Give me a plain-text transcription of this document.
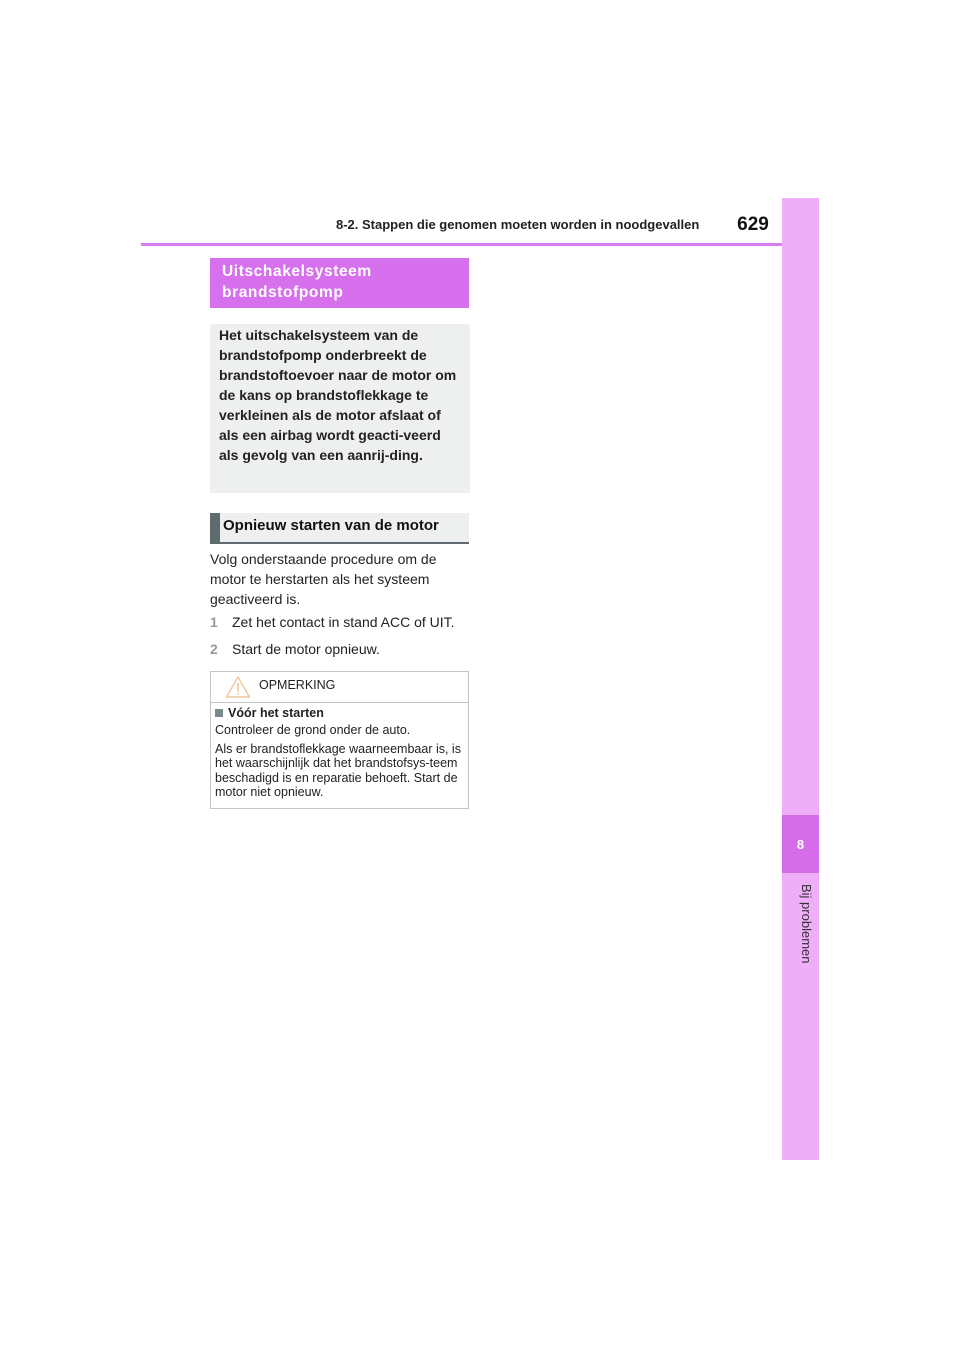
8-2. Stappen die genomen moeten worden in noodgevallen	629
8
Bij problemen
Uitschakelsysteem brandstofpomp

Het uitschakelsysteem van de brandstofpomp onderbreekt de brandstoftoevoer naar de motor om de kans op brandstoflekkage te verkleinen als de motor afslaat of als een airbag wordt geacti-veerd als gevolg van een aanrij-ding.

Opnieuw starten van de motor

Volg onderstaande procedure om de motor te herstarten als het systeem geactiveerd is.

1	Zet het contact in stand ACC of UIT.
2	Start de motor opnieuw.
OPMERKING

Vóór het starten

Controleer de grond onder de auto.

Als er brandstoflekkage waarneembaar is, is het waarschijnlijk dat het brandstofsys-teem beschadigd is en reparatie behoeft. Start de motor niet opnieuw.
